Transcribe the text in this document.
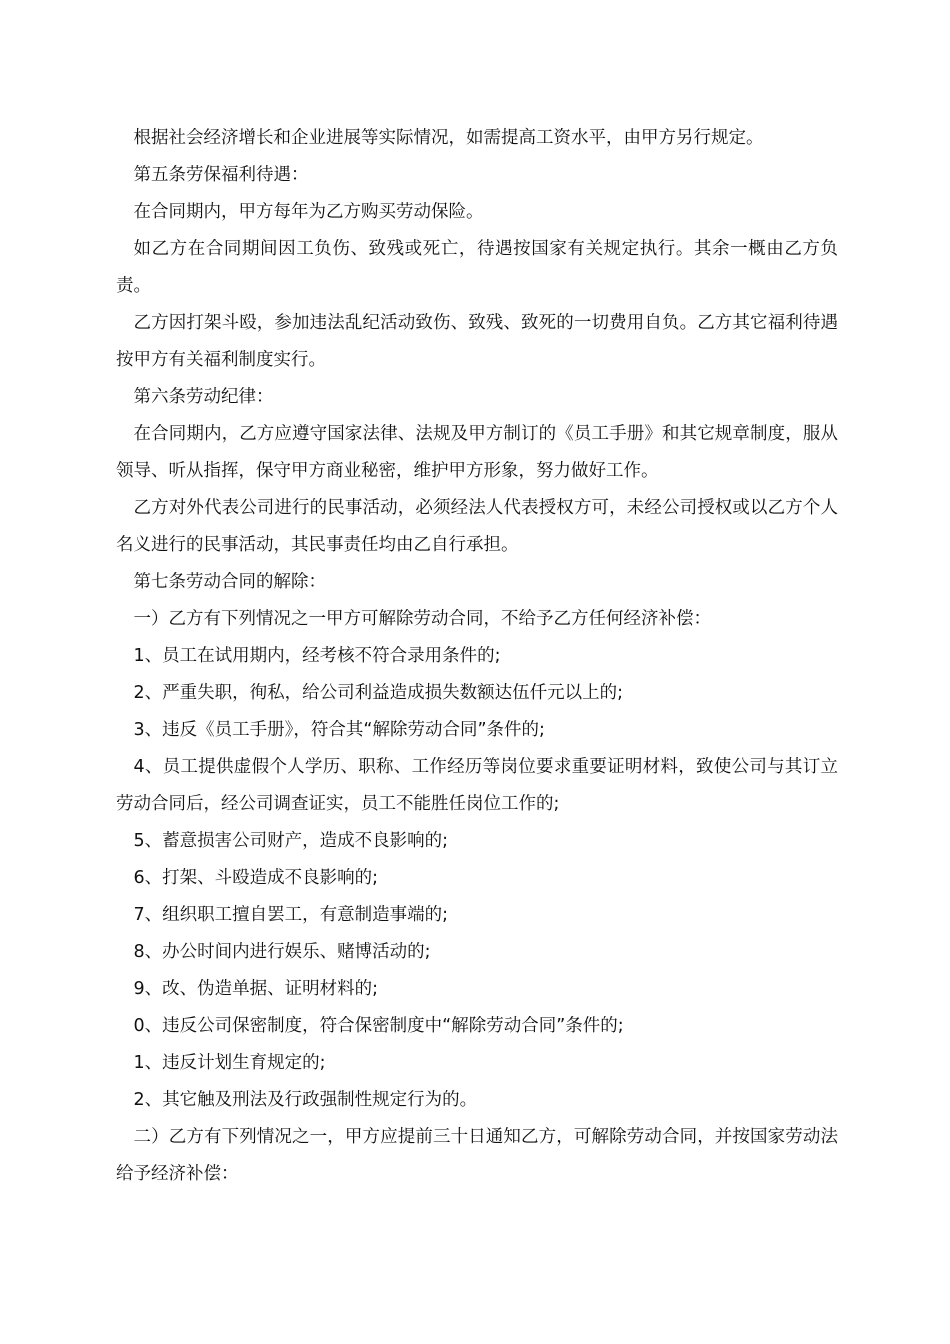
根据社会经济增长和企业进展等实际情况，如需提高工资水平，由甲方另行规定。

第五条劳保福利待遇：

在合同期内，甲方每年为乙方购买劳动保险。

如乙方在合同期间因工负伤、致残或死亡，待遇按国家有关规定执行。其余一概由乙方负责。

乙方因打架斗殴，参加违法乱纪活动致伤、致残、致死的一切费用自负。乙方其它福利待遇按甲方有关福利制度实行。

第六条劳动纪律：

在合同期内，乙方应遵守国家法律、法规及甲方制订的《员工手册》和其它规章制度，服从领导、听从指挥，保守甲方商业秘密，维护甲方形象，努力做好工作。

乙方对外代表公司进行的民事活动，必须经法人代表授权方可，未经公司授权或以乙方个人名义进行的民事活动，其民事责任均由乙自行承担。

第七条劳动合同的解除：

一）乙方有下列情况之一甲方可解除劳动合同，不给予乙方任何经济补偿：

1、员工在试用期内，经考核不符合录用条件的;

2、严重失职，徇私，给公司利益造成损失数额达伍仟元以上的;

3、违反《员工手册》，符合其“解除劳动合同”条件的;

4、员工提供虚假个人学历、职称、工作经历等岗位要求重要证明材料，致使公司与其订立劳动合同后，经公司调查证实，员工不能胜任岗位工作的;

5、蓄意损害公司财产，造成不良影响的;

6、打架、斗殴造成不良影响的;

7、组织职工擅自罢工，有意制造事端的;

8、办公时间内进行娱乐、赌博活动的;

9、改、伪造单据、证明材料的;

0、违反公司保密制度，符合保密制度中“解除劳动合同”条件的;

1、违反计划生育规定的;

2、其它触及刑法及行政强制性规定行为的。

二）乙方有下列情况之一，甲方应提前三十日通知乙方，可解除劳动合同，并按国家劳动法给予经济补偿：
